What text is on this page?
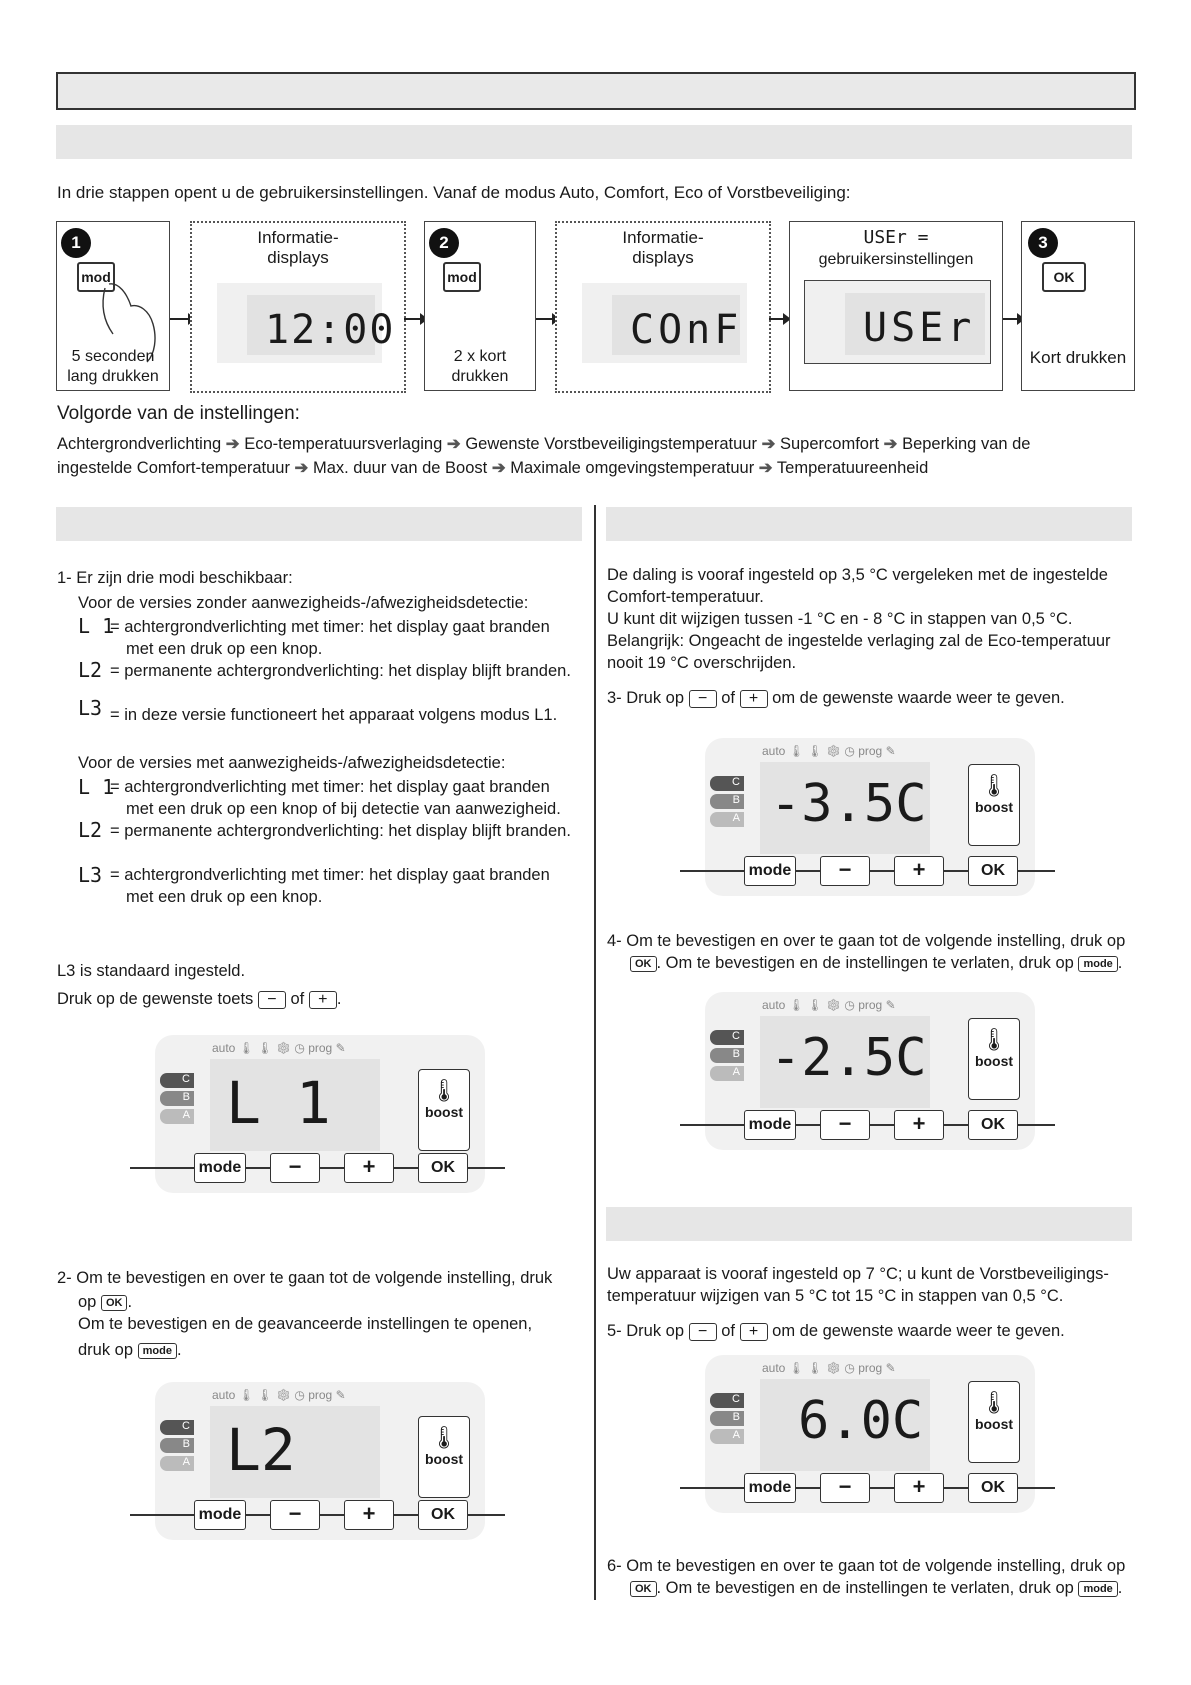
In drie stappen opent u de gebruikersinstellingen. Vanaf de modus Auto, Comfort, Eco of Vorstbeveiliging:
1
mod
5 seconden
lang drukken
Informatie-
displays
12:00
2
mod
2 x kort
drukken
Informatie-
displays
COnF
USEr =
gebruikersinstellingen
USEr
3
OK
Kort drukken
Volgorde van de instellingen:
Achtergrondverlichting ➔ Eco-temperatuursverlaging ➔ Gewenste Vorstbeveiligingstemperatuur ➔ Supercomfort ➔ Beperking van de
ingestelde Comfort-temperatuur ➔ Max. duur van de Boost ➔ Maximale omgevingstemperatuur ➔ Temperatuureenheid
1- Er zijn drie modi beschikbaar:
Voor de versies zonder aanwezigheids-/afwezigheidsdetectie:
L 1
= achtergrondverlichting met timer: het display gaat branden
met een druk op een knop.
L2 = permanente achtergrondverlichting: het display blijft branden.
L3 = in deze versie functioneert het apparaat volgens modus L1.
Voor de versies met aanwezigheids-/afwezigheidsdetectie:
L 1
= achtergrondverlichting met timer: het display gaat branden
met een druk op een knop of bij detectie van aanwezigheid.
L2 = permanente achtergrondverlichting: het display blijft branden.
L3 = achtergrondverlichting met timer: het display gaat branden
met een druk op een knop.
L3 is standaard ingesteld.
Druk op de gewenste toets − of + .
auto 🌡 🌡 ❄ ◷ prog ✎
L 1
C
B
A
🌡
boost
mode	−	+	OK
2- Om te bevestigen en over te gaan tot de volgende instelling, druk
op OK .
Om te bevestigen en de geavanceerde instellingen te openen,
druk op mode .
auto 🌡 🌡 ❄ ◷ prog ✎
L2
C
B
A
🌡
boost
mode	−	+	OK
De daling is vooraf ingesteld op 3,5 °C vergeleken met de ingestelde
Comfort-temperatuur.
U kunt dit wijzigen tussen -1 °C en - 8 °C in stappen van 0,5 °C.
Belangrijk: Ongeacht de ingestelde verlaging zal de Eco-temperatuur
nooit 19 °C overschrijden.
3- Druk op − of + om de gewenste waarde weer te geven.
auto 🌡 🌡 ❄ ◷ prog ✎
-3.5C
C
B
A
🌡
boost
mode	−	+	OK
4- Om te bevestigen en over te gaan tot de volgende instelling, druk op
OK . Om te bevestigen en de instellingen te verlaten, druk op mode .
auto 🌡 🌡 ❄ ◷ prog ✎
-2.5C
C
B
A
🌡
boost
mode	−	+	OK
Uw apparaat is vooraf ingesteld op 7 °C; u kunt de Vorstbeveiligings-
temperatuur wijzigen van 5 °C tot 15 °C in stappen van 0,5 °C.
5- Druk op − of + om de gewenste waarde weer te geven.
auto 🌡 🌡 ❄ ◷ prog ✎
6.0C
C
B
A
🌡
boost
mode	−	+	OK
6- Om te bevestigen en over te gaan tot de volgende instelling, druk op
OK . Om te bevestigen en de instellingen te verlaten, druk op mode .
